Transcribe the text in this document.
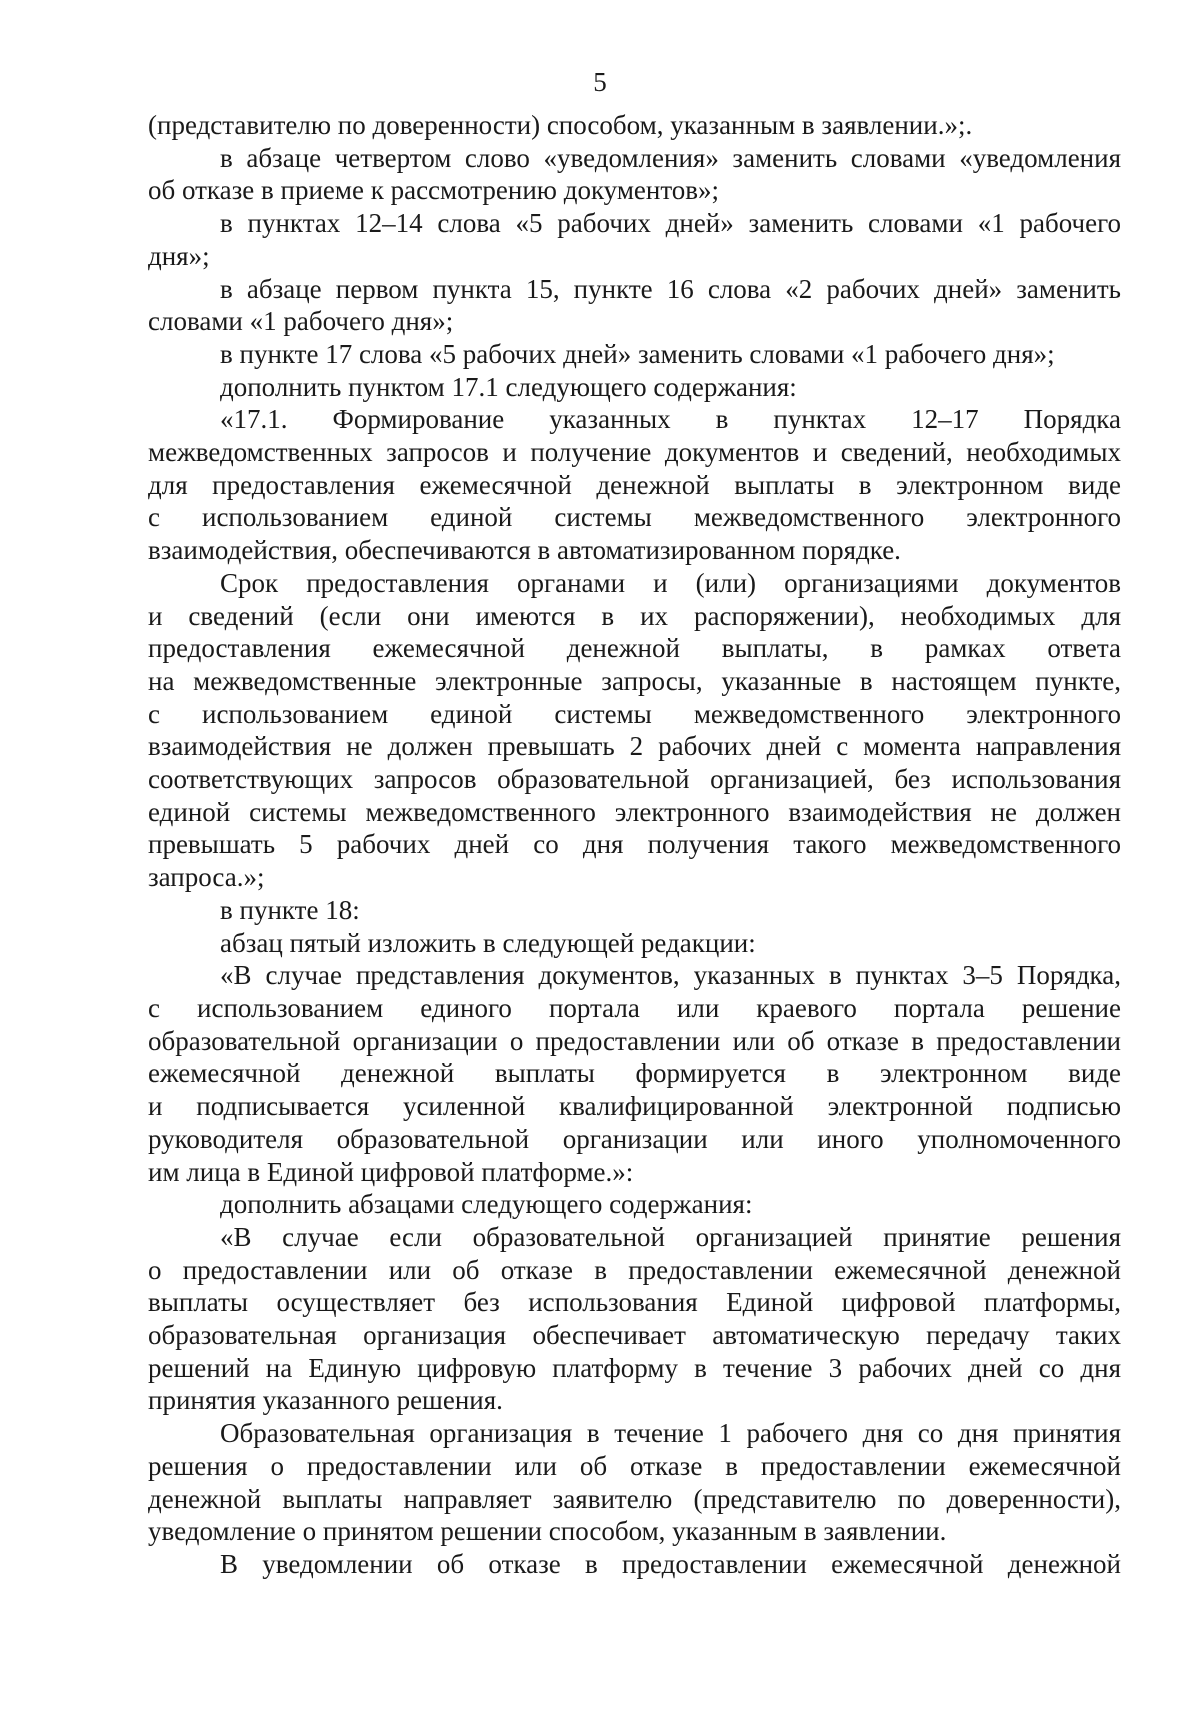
5
(представителю по доверенности) способом, указанным в заявлении.»;.
в абзаце четвертом слово «уведомления» заменить словами «уведомления
об отказе в приеме к рассмотрению документов»;
в пунктах 12–14 слова «5 рабочих дней» заменить словами «1 рабочего
дня»;
в абзаце первом пункта 15, пункте 16 слова «2 рабочих дней» заменить
словами «1 рабочего дня»;
в пункте 17 слова «5 рабочих дней» заменить словами «1 рабочего дня»;
дополнить пунктом 17.1 следующего содержания:
«17.1. Формирование указанных в пунктах 12–17 Порядка
межведомственных запросов и получение документов и сведений, необходимых
для предоставления ежемесячной денежной выплаты в электронном виде
с использованием единой системы межведомственного электронного
взаимодействия, обеспечиваются в автоматизированном порядке.
Срок предоставления органами и (или) организациями документов
и сведений (если они имеются в их распоряжении), необходимых для
предоставления ежемесячной денежной выплаты, в рамках ответа
на межведомственные электронные запросы, указанные в настоящем пункте,
с использованием единой системы межведомственного электронного
взаимодействия не должен превышать 2 рабочих дней с момента направления
соответствующих запросов образовательной организацией, без использования
единой системы межведомственного электронного взаимодействия не должен
превышать 5 рабочих дней со дня получения такого межведомственного
запроса.»;
в пункте 18:
абзац пятый изложить в следующей редакции:
«В случае представления документов, указанных в пунктах 3–5 Порядка,
с использованием единого портала или краевого портала решение
образовательной организации о предоставлении или об отказе в предоставлении
ежемесячной денежной выплаты формируется в электронном виде
и подписывается усиленной квалифицированной электронной подписью
руководителя образовательной организации или иного уполномоченного
им лица в Единой цифровой платформе.»:
дополнить абзацами следующего содержания:
«В случае если образовательной организацией принятие решения
о предоставлении или об отказе в предоставлении ежемесячной денежной
выплаты осуществляет без использования Единой цифровой платформы,
образовательная организация обеспечивает автоматическую передачу таких
решений на Единую цифровую платформу в течение 3 рабочих дней со дня
принятия указанного решения.
Образовательная организация в течение 1 рабочего дня со дня принятия
решения о предоставлении или об отказе в предоставлении ежемесячной
денежной выплаты направляет заявителю (представителю по доверенности),
уведомление о принятом решении способом, указанным в заявлении.
В уведомлении об отказе в предоставлении ежемесячной денежной
